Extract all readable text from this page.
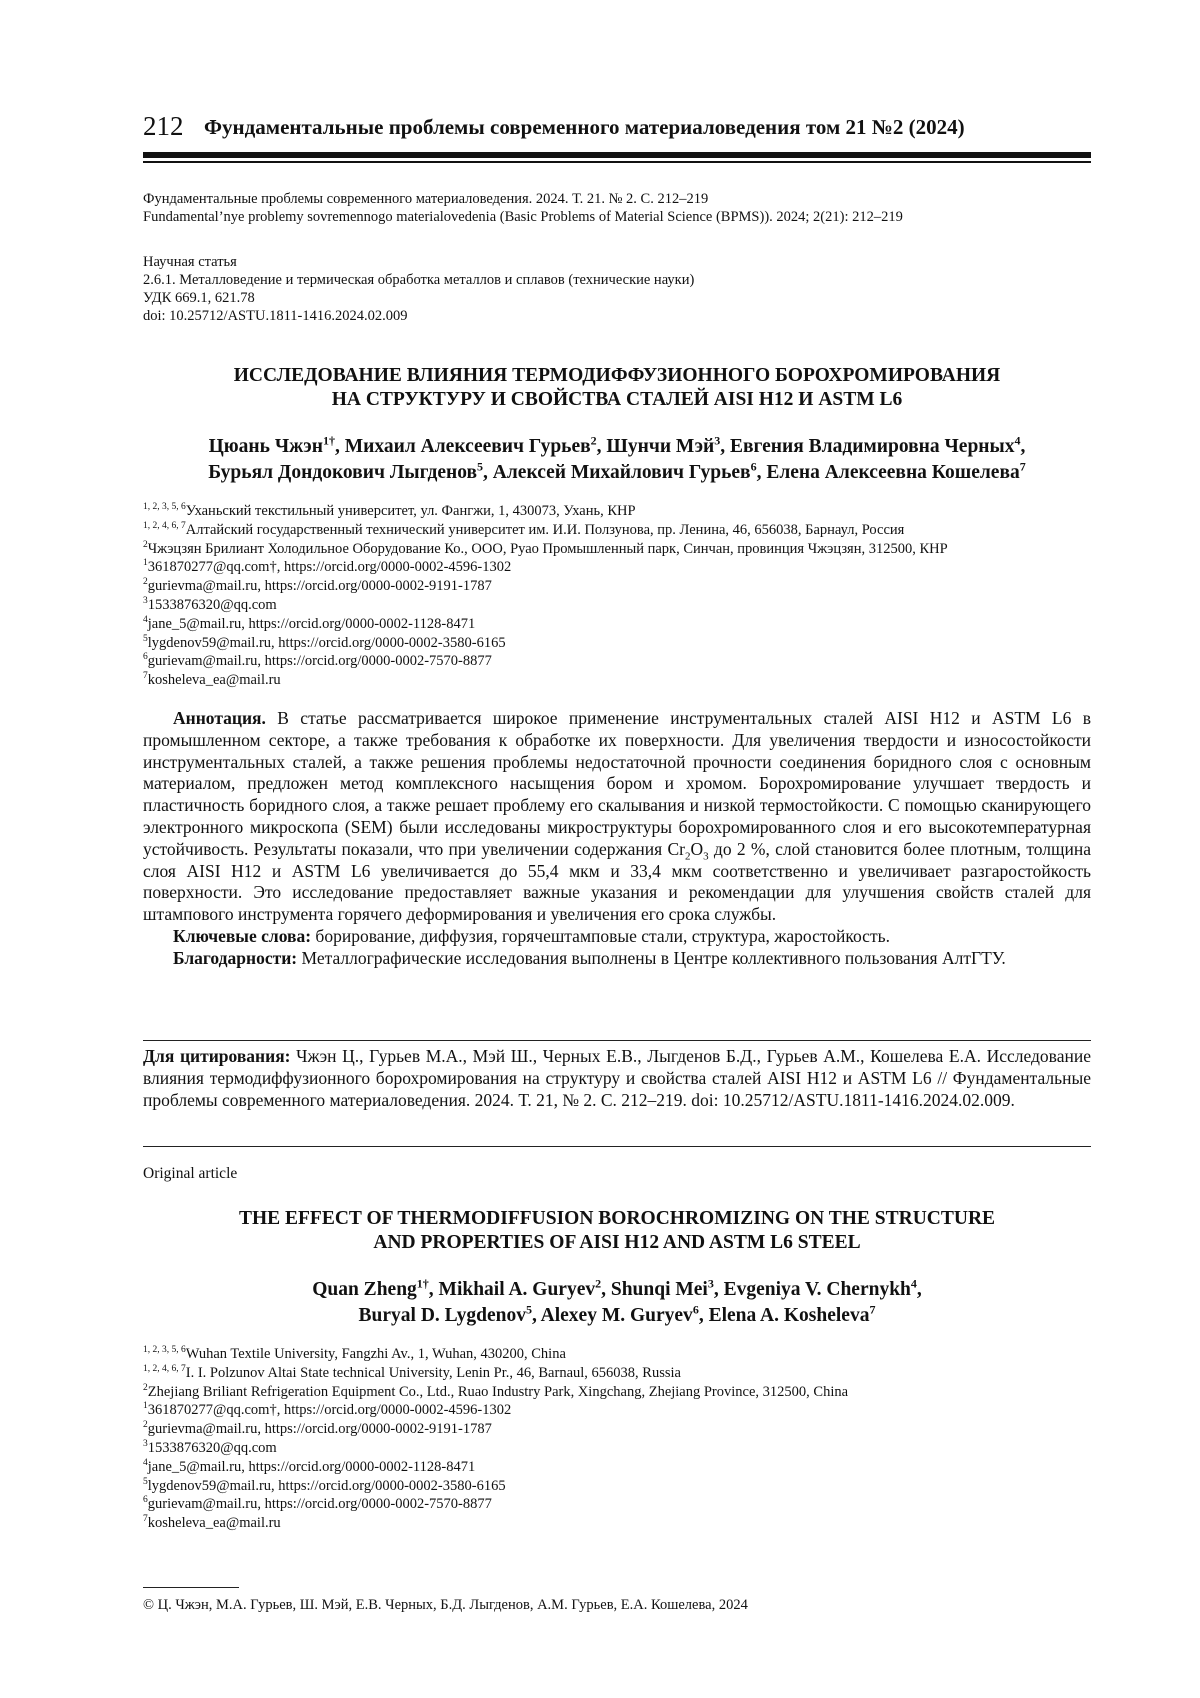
212 Фундаментальные проблемы современного материаловедения том 21 №2 (2024)
Фундаментальные проблемы современного материаловедения. 2024. Т. 21. № 2. С. 212–219
Fundamental’nye problemy sovremennogo materialovedenia (Basic Problems of Material Science (BPMS)). 2024; 2(21): 212–219
Научная статья
2.6.1. Металловедение и термическая обработка металлов и сплавов (технические науки)
УДК 669.1, 621.78
doi: 10.25712/ASTU.1811-1416.2024.02.009
ИССЛЕДОВАНИЕ ВЛИЯНИЯ ТЕРМОДИФФУЗИОННОГО БОРОХРОМИРОВАНИЯ
НА СТРУКТУРУ И СВОЙСТВА СТАЛЕЙ AISI H12 И ASTM L6
Цюань Чжэн$^{1\dagger}$, Михаил Алексеевич Гурьев$^2$, Шунчи Мэй$^3$, Евгения Владимировна Черных$^4$,
Бурьял Дондокович Лыгденов$^5$, Алексей Михайлович Гурьев$^6$, Елена Алексеевна Кошелева$^7$
$^{1, 2, 3, 5, 6}$Уханьский текстильный университет, ул. Фангжи, 1, 430073, Ухань, КНР
$^{1, 2, 4, 6, 7}$Алтайский государственный технический университет им. И.И. Ползунова, пр. Ленина, 46, 656038, Барнаул, Россия
$^2$Чжэцзян Брилиант Холодильное Оборудование Ко., ООО, Руао Промышленный парк, Синчан, провинция Чжэцзян, 312500, КНР
$^1$361870277@qq.com†, https://orcid.org/0000-0002-4596-1302
$^2$gurievma@mail.ru, https://orcid.org/0000-0002-9191-1787
$^3$1533876320@qq.com
$^4$jane_5@mail.ru, https://orcid.org/0000-0002-1128-8471
$^5$lygdenov59@mail.ru, https://orcid.org/0000-0002-3580-6165
$^6$gurievam@mail.ru, https://orcid.org/0000-0002-7570-8877
$^7$kosheleva_ea@mail.ru

Аннотация. В статье рассматривается широкое применение инструментальных сталей AISI H12 и ASTM L6 в промышленном секторе, а также требования к обработке их поверхности. Для увеличения твердости и износостойкости инструментальных сталей, а также решения проблемы недостаточной прочности соединения боридного слоя с основным материалом, предложен метод комплексного насыщения бором и хромом. Борохромирование улучшает твердость и пластичность боридного слоя, а также решает проблему его скалывания и низкой термостойкости. С помощью сканирующего электронного микроскопа (SEM) были исследованы микроструктуры борохромированного слоя и его высокотемпературная устойчивость. Результаты показали, что при увеличении содержания $Cr_2O_3$ до 2 %, слой становится более плотным, толщина слоя AISI H12 и ASTM L6 увеличивается до 55,4 мкм и 33,4 мкм соответственно и увеличивает разгаростойкость поверхности. Это исследование предоставляет важные указания и рекомендации для улучшения свойств сталей для штампового инструмента горячего деформирования и увеличения его срока службы.

Ключевые слова: борирование, диффузия, горячештамповые стали, структура, жаростойкость.

Благодарности: Металлографические исследования выполнены в Центре коллективного пользования АлтГТУ.

Для цитирования: Чжэн Ц., Гурьев М.А., Мэй Ш., Черных Е.В., Лыгденов Б.Д., Гурьев А.М., Кошелева Е.А. Исследование влияния термодиффузионного борохромирования на структуру и свойства сталей AISI H12 и ASTM L6 // Фундаментальные проблемы современного материаловедения. 2024. Т. 21, № 2. С. 212–219. doi: 10.25712/ASTU.1811-1416.2024.02.009.
Original article
THE EFFECT OF THERMODIFFUSION BOROCHROMIZING ON THE STRUCTURE
AND PROPERTIES OF AISI H12 AND ASTM L6 STEEL
Quan Zheng$^{1\dagger}$, Mikhail A. Guryev$^2$, Shunqi Mei$^3$, Evgeniya V. Chernykh$^4$,
Buryal D. Lygdenov$^5$, Alexey M. Guryev$^6$, Elena A. Kosheleva$^7$
$^{1, 2, 3, 5, 6}$Wuhan Textile University, Fangzhi Av., 1, Wuhan, 430200, China
$^{1, 2, 4, 6, 7}$I. I. Polzunov Altai State technical University, Lenin Pr., 46, Barnaul, 656038, Russia
$^2$Zhejiang Briliant Refrigeration Equipment Co., Ltd., Ruao Industry Park, Xingchang, Zhejiang Province, 312500, China
$^1$361870277@qq.com†, https://orcid.org/0000-0002-4596-1302
$^2$gurievma@mail.ru, https://orcid.org/0000-0002-9191-1787
$^3$1533876320@qq.com
$^4$jane_5@mail.ru, https://orcid.org/0000-0002-1128-8471
$^5$lygdenov59@mail.ru, https://orcid.org/0000-0002-3580-6165
$^6$gurievam@mail.ru, https://orcid.org/0000-0002-7570-8877
$^7$kosheleva_ea@mail.ru
© Ц. Чжэн, М.А. Гурьев, Ш. Мэй, Е.В. Черных, Б.Д. Лыгденов, А.М. Гурьев, Е.А. Кошелева, 2024
